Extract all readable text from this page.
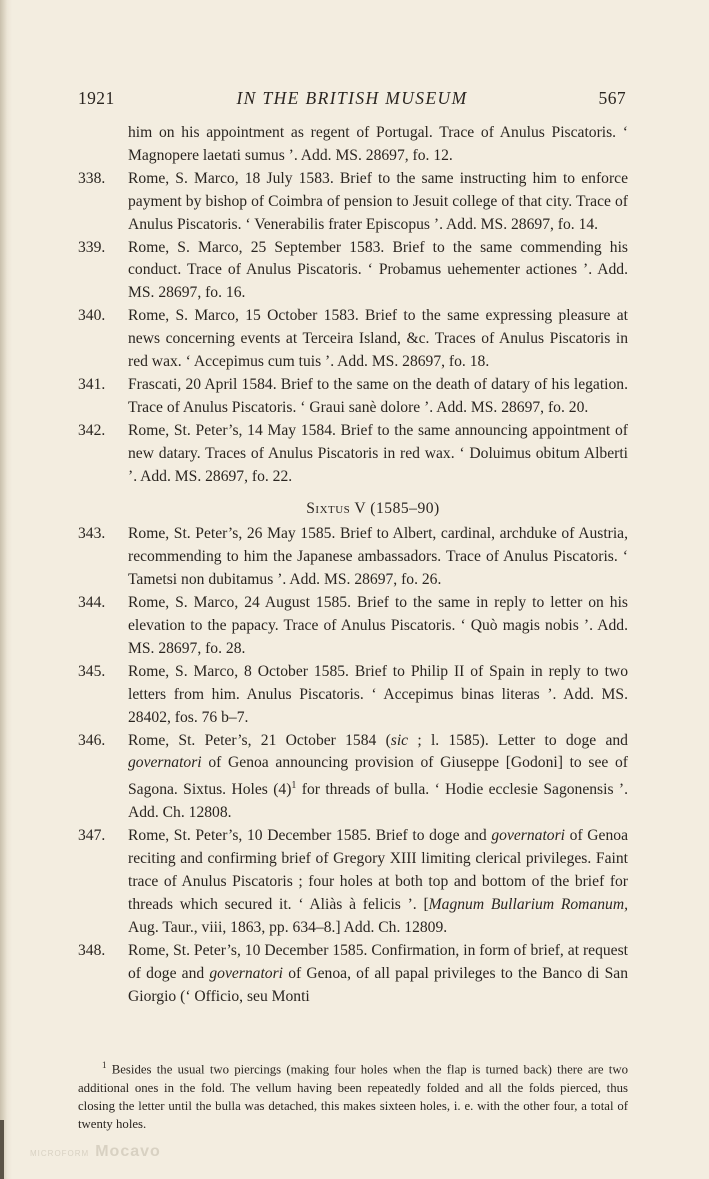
1921	IN THE BRITISH MUSEUM	567
him on his appointment as regent of Portugal. Trace of Anulus Piscatoris. ‘ Magnopere laetati sumus ’. Add. MS. 28697, fo. 12.
338. Rome, S. Marco, 18 July 1583. Brief to the same instructing him to enforce payment by bishop of Coimbra of pension to Jesuit college of that city. Trace of Anulus Piscatoris. ‘ Venerabilis frater Episcopus ’. Add. MS. 28697, fo. 14.
339. Rome, S. Marco, 25 September 1583. Brief to the same commending his conduct. Trace of Anulus Piscatoris. ‘ Probamus uehementer actiones ’. Add. MS. 28697, fo. 16.
340. Rome, S. Marco, 15 October 1583. Brief to the same expressing pleasure at news concerning events at Terceira Island, &c. Traces of Anulus Piscatoris in red wax. ‘ Accepimus cum tuis ’. Add. MS. 28697, fo. 18.
341. Frascati, 20 April 1584. Brief to the same on the death of datary of his legation. Trace of Anulus Piscatoris. ‘ Graui sanè dolore ’. Add. MS. 28697, fo. 20.
342. Rome, St. Peter’s, 14 May 1584. Brief to the same announcing appointment of new datary. Traces of Anulus Piscatoris in red wax. ‘ Doluimus obitum Alberti ’. Add. MS. 28697, fo. 22.
Sixtus V (1585–90)
343. Rome, St. Peter’s, 26 May 1585. Brief to Albert, cardinal, archduke of Austria, recommending to him the Japanese ambassadors. Trace of Anulus Piscatoris. ‘ Tametsi non dubitamus ’. Add. MS. 28697, fo. 26.
344. Rome, S. Marco, 24 August 1585. Brief to the same in reply to letter on his elevation to the papacy. Trace of Anulus Piscatoris. ‘ Quò magis nobis ’. Add. MS. 28697, fo. 28.
345. Rome, S. Marco, 8 October 1585. Brief to Philip II of Spain in reply to two letters from him. Anulus Piscatoris. ‘ Accepimus binas literas ’. Add. MS. 28402, fos. 76 b–7.
346. Rome, St. Peter’s, 21 October 1584 (sic ; l. 1585). Letter to doge and governatori of Genoa announcing provision of Giuseppe [Godoni] to see of Sagona. Sixtus. Holes $(4)^1$ for threads of bulla. ‘ Hodie ecclesie Sagonensis ’. Add. Ch. 12808.
347. Rome, St. Peter’s, 10 December 1585. Brief to doge and governatori of Genoa reciting and confirming brief of Gregory XIII limiting clerical privileges. Faint trace of Anulus Piscatoris ; four holes at both top and bottom of the brief for threads which secured it. ‘ Aliàs à felicis ’. [Magnum Bullarium Romanum, Aug. Taur., viii, 1863, pp. 634–8.] Add. Ch. 12809.
348. Rome, St. Peter’s, 10 December 1585. Confirmation, in form of brief, at request of doge and governatori of Genoa, of all papal privileges to the Banco di San Giorgio (‘ Officio, seu Monti
$^1$ Besides the usual two piercings (making four holes when the flap is turned back) there are two additional ones in the fold. The vellum having been repeatedly folded and all the folds pierced, thus closing the letter until the bulla was detached, this makes sixteen holes, i. e. with the other four, a total of twenty holes.
MICROFORM Mocavo
